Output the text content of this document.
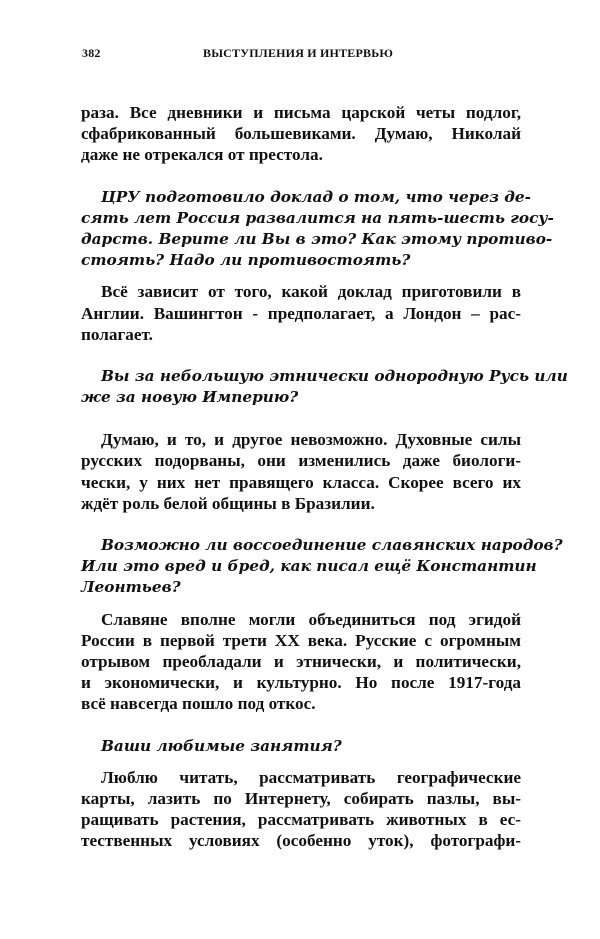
382	ВЫСТУПЛЕНИЯ И ИНТЕРВЬЮ
раза. Все дневники и письма царской четы подлог,
сфабрикованный большевиками. Думаю, Николай
даже не отрекался от престола.
ЦРУ подготовило доклад о том, что через де-
сять лет Россия развалится на пять-шесть госу-
дарств. Верите ли Вы в это? Как этому противо-
стоять? Надо ли противостоять?
Всё зависит от того, какой доклад приготовили в
Англии. Вашингтон - предполагает, а Лондон – рас-
полагает.
Вы за небольшую этнически однородную Русь или
же за новую Империю?
Думаю, и то, и другое невозможно. Духовные силы
русских подорваны, они изменились даже биологи-
чески, у них нет правящего класса. Скорее всего их
ждёт роль белой общины в Бразилии.
Возможно ли воссоединение славянских народов?
Или это вред и бред, как писал ещё Константин
Леонтьев?
Славяне вполне могли объединиться под эгидой
России в первой трети XX века. Русские с огромным
отрывом преобладали и этнически, и политически,
и экономически, и культурно. Но после 1917-года
всё навсегда пошло под откос.
Ваши любимые занятия?
Люблю читать, рассматривать географические
карты, лазить по Интернету, собирать пазлы, вы-
ращивать растения, рассматривать животных в ес-
тественных условиях (особенно уток), фотографи-
